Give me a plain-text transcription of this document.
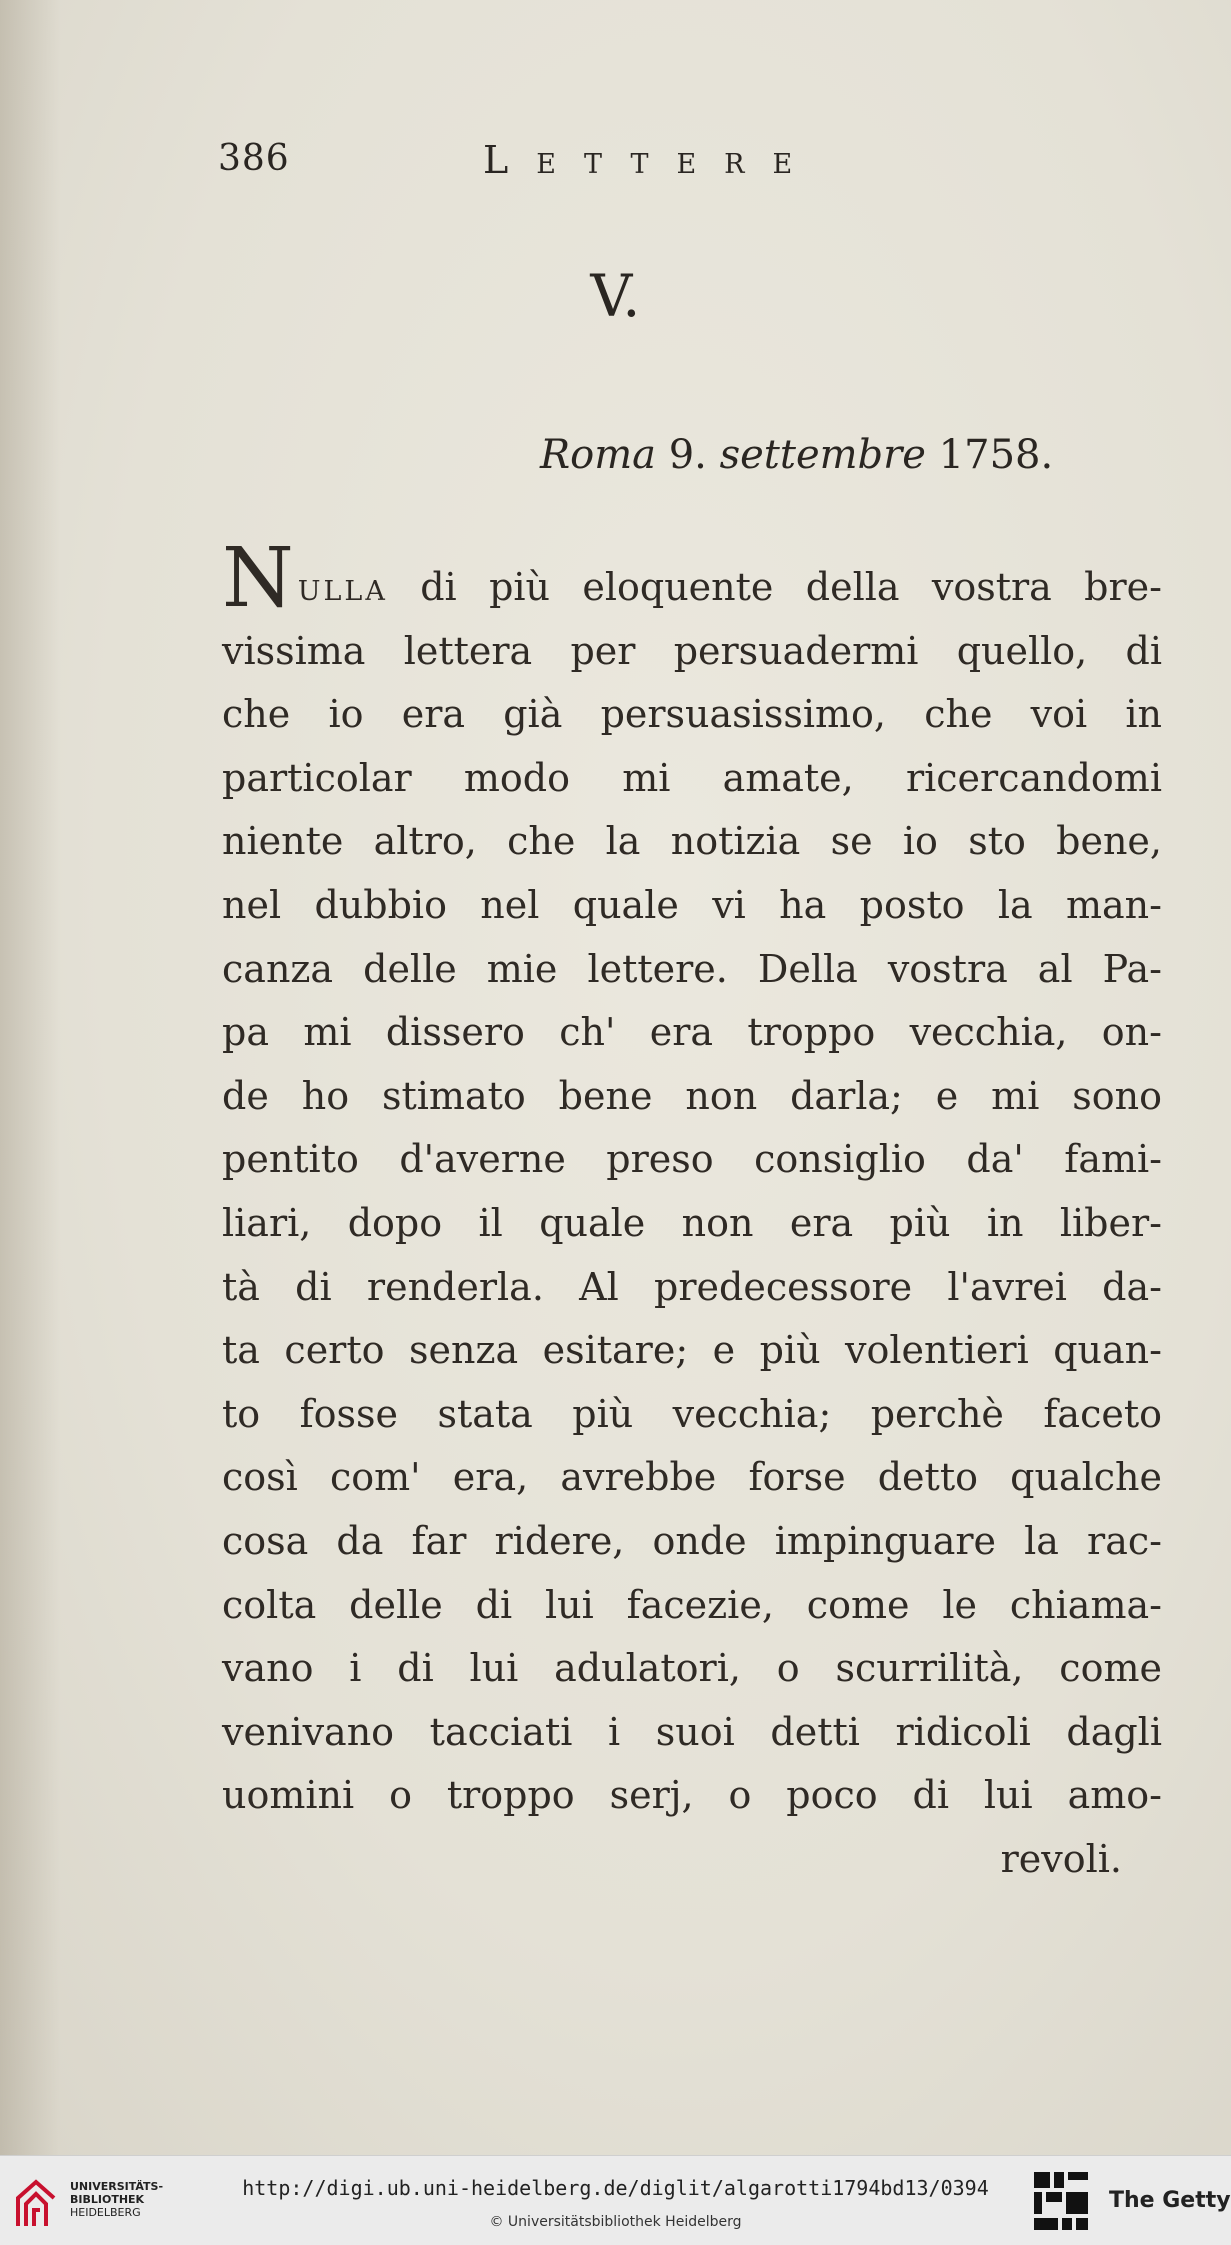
386	Lettere
V.
Roma 9. settembre 1758.
Nulla di più eloquente della vostra bre-
vissima lettera per persuadermi quello, di
che io era già persuasissimo, che voi in
particolar modo mi amate, ricercandomi
niente altro, che la notizia se io sto bene,
nel dubbio nel quale vi ha posto la man-
canza delle mie lettere. Della vostra al Pa-
pa mi dissero ch' era troppo vecchia, on-
de ho stimato bene non darla; e mi sono
pentito d'averne preso consiglio da' fami-
liari, dopo il quale non era più in liber-
tà di renderla. Al predecessore l'avrei da-
ta certo senza esitare; e più volentieri quan-
to fosse stata più vecchia; perchè faceto
così com' era, avrebbe forse detto qualche
cosa da far ridere, onde impinguare la rac-
colta delle di lui facezie, come le chiama-
vano i di lui adulatori, o scurrilità, come
venivano tacciati i suoi detti ridicoli dagli
uomini o troppo serj, o poco di lui amo-
revoli.
UNIVERSITÄTS-
BIBLIOTHEK
HEIDELBERG
http://digi.ub.uni-heidelberg.de/diglit/algarotti1794bd13/0394
© Universitätsbibliothek Heidelberg
The Getty
